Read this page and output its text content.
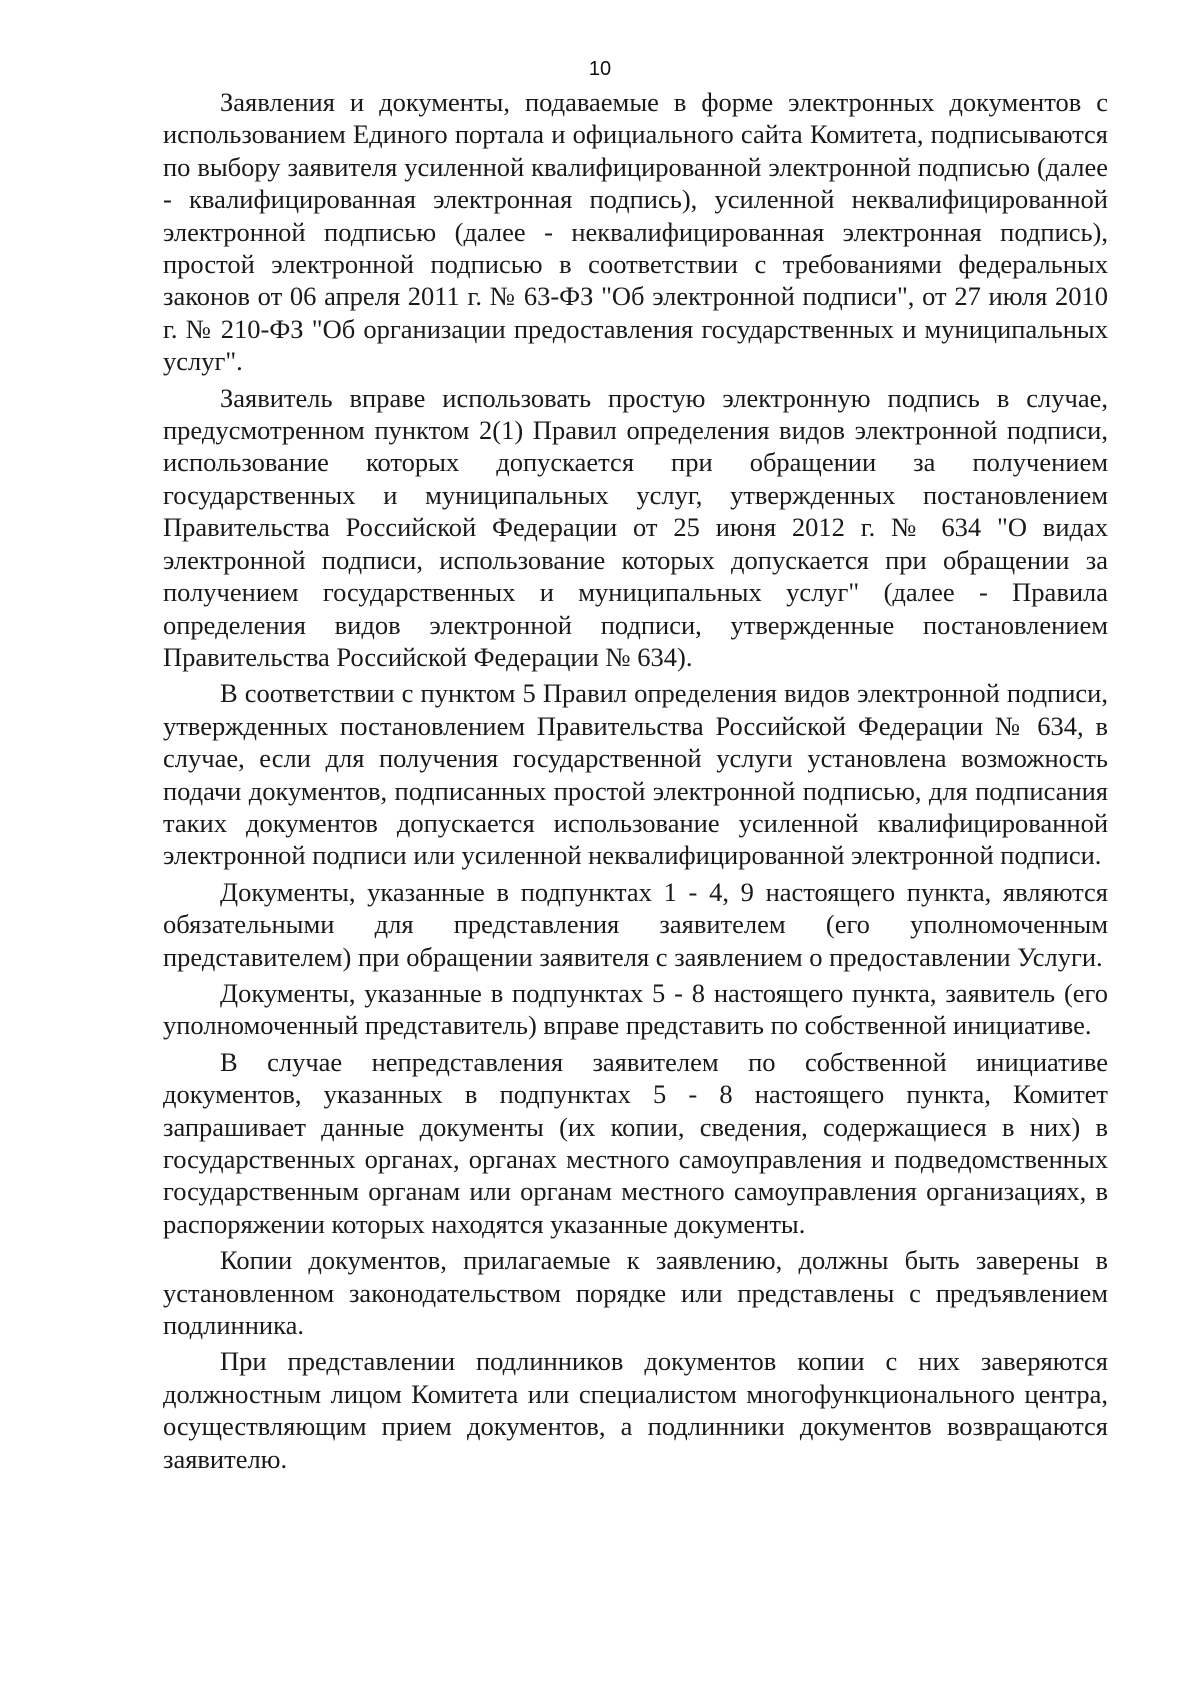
10

Заявления и документы, подаваемые в форме электронных документов с использованием Единого портала и официального сайта Комитета, подписываются по выбору заявителя усиленной квалифицированной электронной подписью (далее - квалифицированная электронная подпись), усиленной неквалифицированной электронной подписью (далее - неквалифицированная электронная подпись), простой электронной подписью в соответствии с требованиями федеральных законов от 06 апреля 2011 г. № 63-ФЗ "Об электронной подписи", от 27 июля 2010 г. № 210-ФЗ "Об организации предоставления государственных и муниципальных услуг".

Заявитель вправе использовать простую электронную подпись в случае, предусмотренном пунктом 2(1) Правил определения видов электронной подписи, использование которых допускается при обращении за получением государственных и муниципальных услуг, утвержденных постановлением Правительства Российской Федерации от 25 июня 2012 г. № 634 "О видах электронной подписи, использование которых допускается при обращении за получением государственных и муниципальных услуг" (далее - Правила определения видов электронной подписи, утвержденные постановлением Правительства Российской Федерации № 634).

В соответствии с пунктом 5 Правил определения видов электронной подписи, утвержденных постановлением Правительства Российской Федерации № 634, в случае, если для получения государственной услуги установлена возможность подачи документов, подписанных простой электронной подписью, для подписания таких документов допускается использование усиленной квалифицированной электронной подписи или усиленной неквалифицированной электронной подписи.

Документы, указанные в подпунктах 1 - 4, 9 настоящего пункта, являются обязательными для представления заявителем (его уполномоченным представителем) при обращении заявителя с заявлением о предоставлении Услуги.

Документы, указанные в подпунктах 5 - 8 настоящего пункта, заявитель (его уполномоченный представитель) вправе представить по собственной инициативе.

В случае непредставления заявителем по собственной инициативе документов, указанных в подпунктах 5 - 8 настоящего пункта, Комитет запрашивает данные документы (их копии, сведения, содержащиеся в них) в государственных органах, органах местного самоуправления и подведомственных государственным органам или органам местного самоуправления организациях, в распоряжении которых находятся указанные документы.

Копии документов, прилагаемые к заявлению, должны быть заверены в установленном законодательством порядке или представлены с предъявлением подлинника.

При представлении подлинников документов копии с них заверяются должностным лицом Комитета или специалистом многофункционального центра, осуществляющим прием документов, а подлинники документов возвращаются заявителю.
